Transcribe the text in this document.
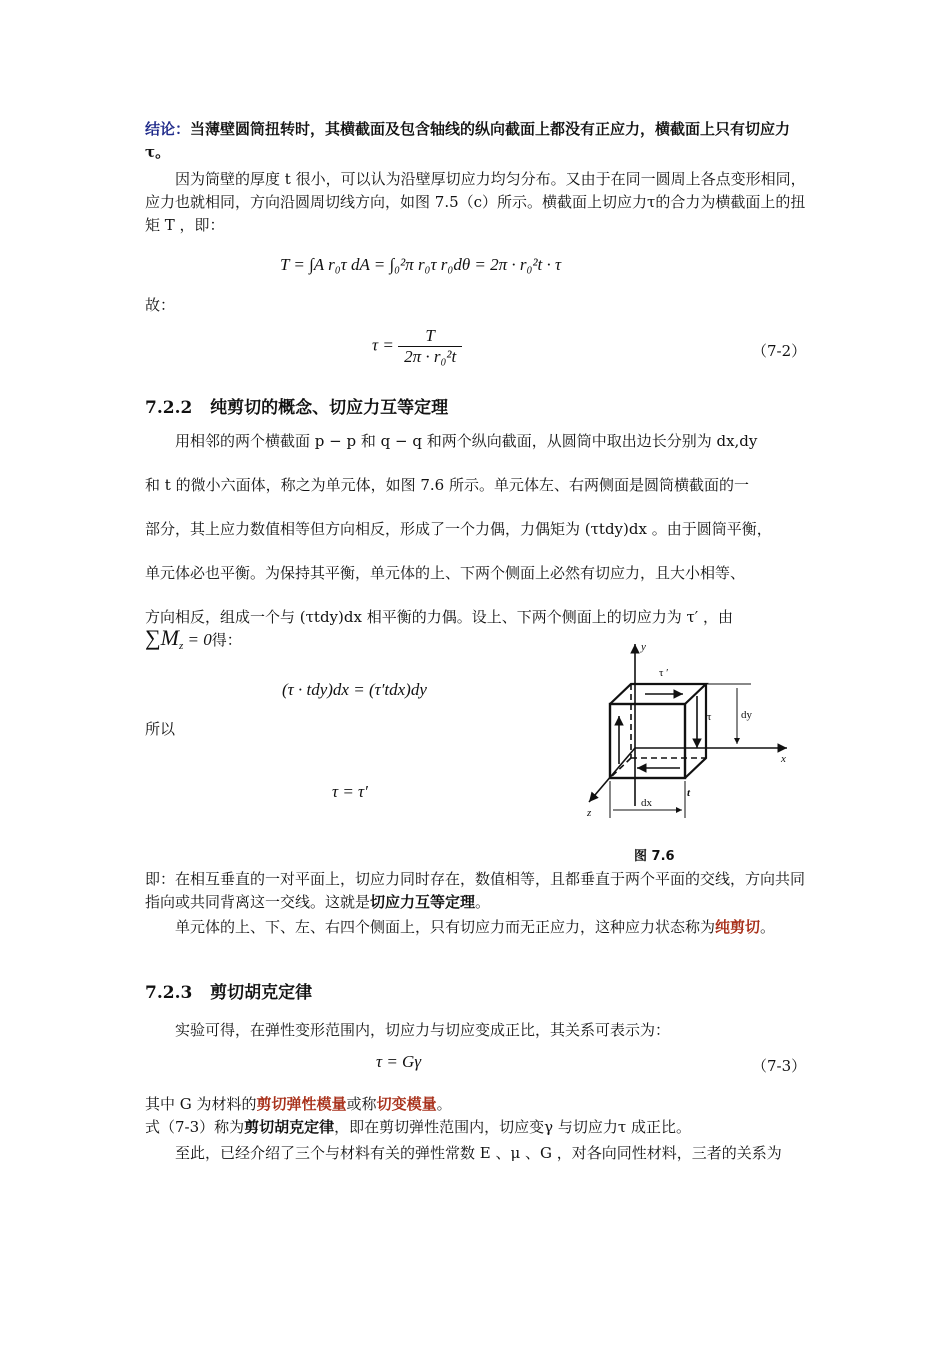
结论：当薄壁圆筒扭转时，其横截面及包含轴线的纵向截面上都没有正应力，横截面上只有切应力τ。
因为筒壁的厚度 t 很小，可以认为沿壁厚切应力均匀分布。又由于在同一圆周上各点变形相同，应力也就相同，方向沿圆周切线方向，如图 7.5（c）所示。横截面上切应力τ的合力为横截面上的扭矩 T ，即：
T = ∫A r₀τ dA = ∫₀²π r₀τ r₀dθ = 2π · r₀²t · τ
故：
$\tau = \frac{T}{\text{2π · r₀²t}}$	（7-2）
7.2.2 纯剪切的概念、切应力互等定理
用相邻的两个横截面 p − p 和 q − q 和两个纵向截面，从圆筒中取出边长分别为 dx,dy
和 t 的微小六面体，称之为单元体，如图 7.6 所示。单元体左、右两侧面是圆筒横截面的一
部分，其上应力数值相等但方向相反，形成了一个力偶，力偶矩为 (τtdy)dx 。由于圆筒平衡，
单元体必也平衡。为保持其平衡，单元体的上、下两个侧面上必然有切应力，且大小相等、
方向相反，组成一个与 (τtdy)dx 相平衡的力偶。设上、下两个侧面上的切应力为 τ′ ，由
$\sum M_z = 0$得：
(τ · tdy)dx = (τ′tdx)dy
所以
τ = τ′
y
x
z
τ ′
τ
t
dy
dx
图 7.6
即：在相互垂直的一对平面上，切应力同时存在，数值相等，且都垂直于两个平面的交线，方向共同指向或共同背离这一交线。这就是切应力互等定理。
单元体的上、下、左、右四个侧面上，只有切应力而无正应力，这种应力状态称为纯剪切。
7.2.3 剪切胡克定律
实验可得，在弹性变形范围内，切应力与切应变成正比，其关系可表示为：
τ = Gγ	（7-3）
其中 G 为材料的剪切弹性模量或称切变模量。
式（7-3）称为剪切胡克定律，即在剪切弹性范围内，切应变γ 与切应力τ 成正比。
至此，已经介绍了三个与材料有关的弹性常数 E 、μ 、G ，对各向同性材料，三者的关系为
